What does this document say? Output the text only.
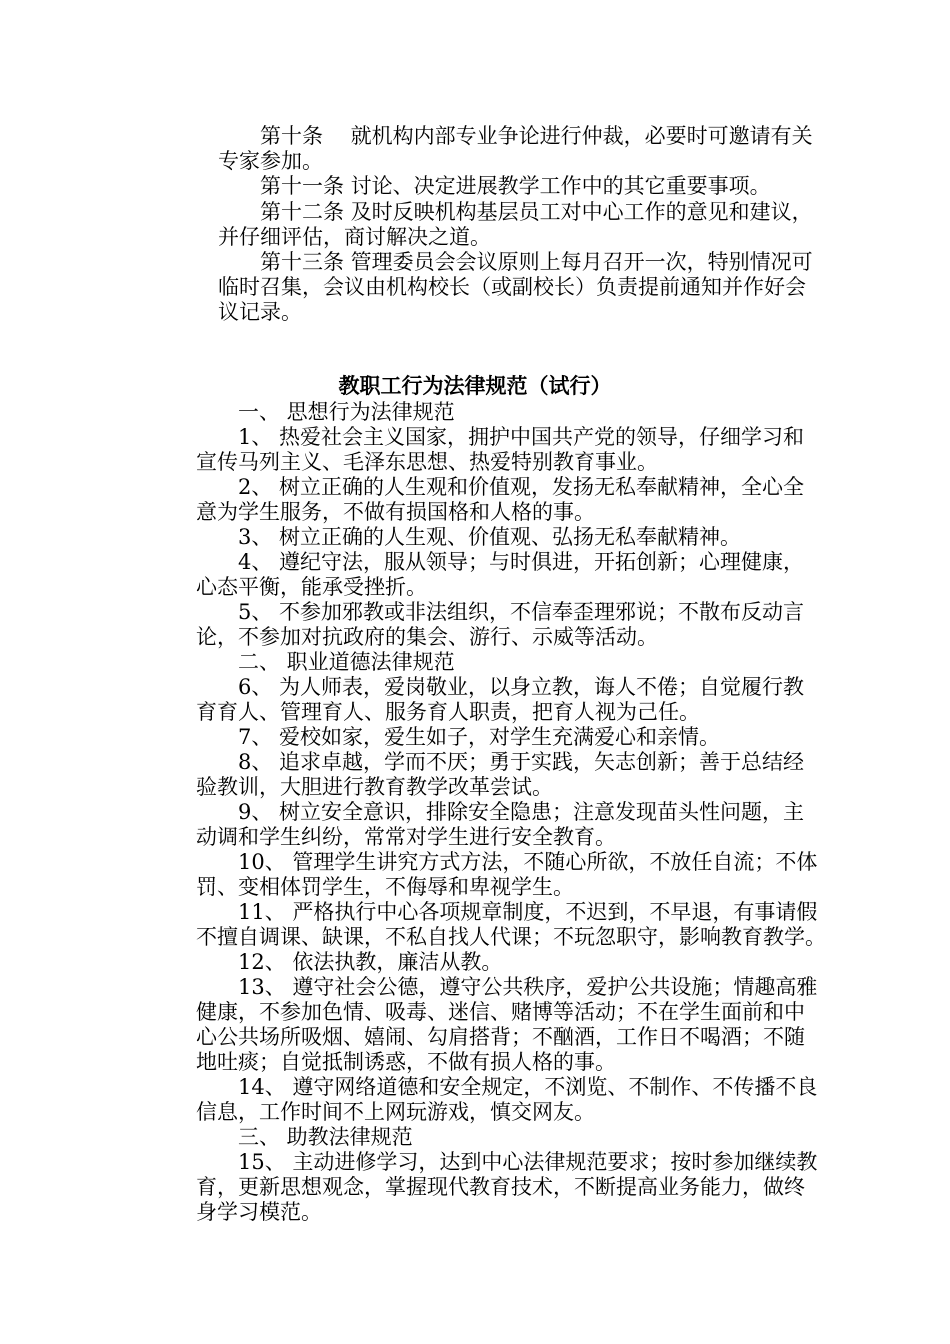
第十条　 就机构内部专业争论进行仲裁，必要时可邀请有关
专家参加。
第十一条 讨论、决定进展教学工作中的其它重要事项。
第十二条 及时反映机构基层员工对中心工作的意见和建议，
并仔细评估，商讨解决之道。
第十三条 管理委员会会议原则上每月召开一次，特别情况可
临时召集，会议由机构校长（或副校长）负责提前通知并作好会
议记录。
教职工行为法律规范（试行）
一、 思想行为法律规范
1、 热爱社会主义国家，拥护中国共产党的领导，仔细学习和
宣传马列主义、毛泽东思想、热爱特别教育事业。
2、 树立正确的人生观和价值观，发扬无私奉献精神，全心全
意为学生服务，不做有损国格和人格的事。
3、 树立正确的人生观、价值观、弘扬无私奉献精神。
4、 遵纪守法，服从领导；与时俱进，开拓创新；心理健康，
心态平衡，能承受挫折。
5、 不参加邪教或非法组织，不信奉歪理邪说；不散布反动言
论，不参加对抗政府的集会、游行、示威等活动。
二、 职业道德法律规范
6、 为人师表，爱岗敬业，以身立教，诲人不倦；自觉履行教
育育人、管理育人、服务育人职责，把育人视为己任。
7、 爱校如家，爱生如子，对学生充满爱心和亲情。
8、 追求卓越，学而不厌；勇于实践，矢志创新；善于总结经
验教训，大胆进行教育教学改革尝试。
9、 树立安全意识，排除安全隐患；注意发现苗头性问题，主
动调和学生纠纷，常常对学生进行安全教育。
10、 管理学生讲究方式方法，不随心所欲，不放任自流；不体
罚、变相体罚学生，不侮辱和卑视学生。
11、 严格执行中心各项规章制度，不迟到，不早退，有事请假
不擅自调课、缺课，不私自找人代课；不玩忽职守，影响教育教学。
12、 依法执教，廉洁从教。
13、 遵守社会公德，遵守公共秩序，爱护公共设施；情趣高雅
健康，不参加色情、吸毒、迷信、赌博等活动；不在学生面前和中
心公共场所吸烟、嬉闹、勾肩搭背；不酗酒，工作日不喝酒；不随
地吐痰；自觉抵制诱惑，不做有损人格的事。
14、 遵守网络道德和安全规定，不浏览、不制作、不传播不良
信息，工作时间不上网玩游戏，慎交网友。
三、 助教法律规范
15、 主动进修学习，达到中心法律规范要求；按时参加继续教
育，更新思想观念，掌握现代教育技术，不断提高业务能力，做终
身学习模范。
